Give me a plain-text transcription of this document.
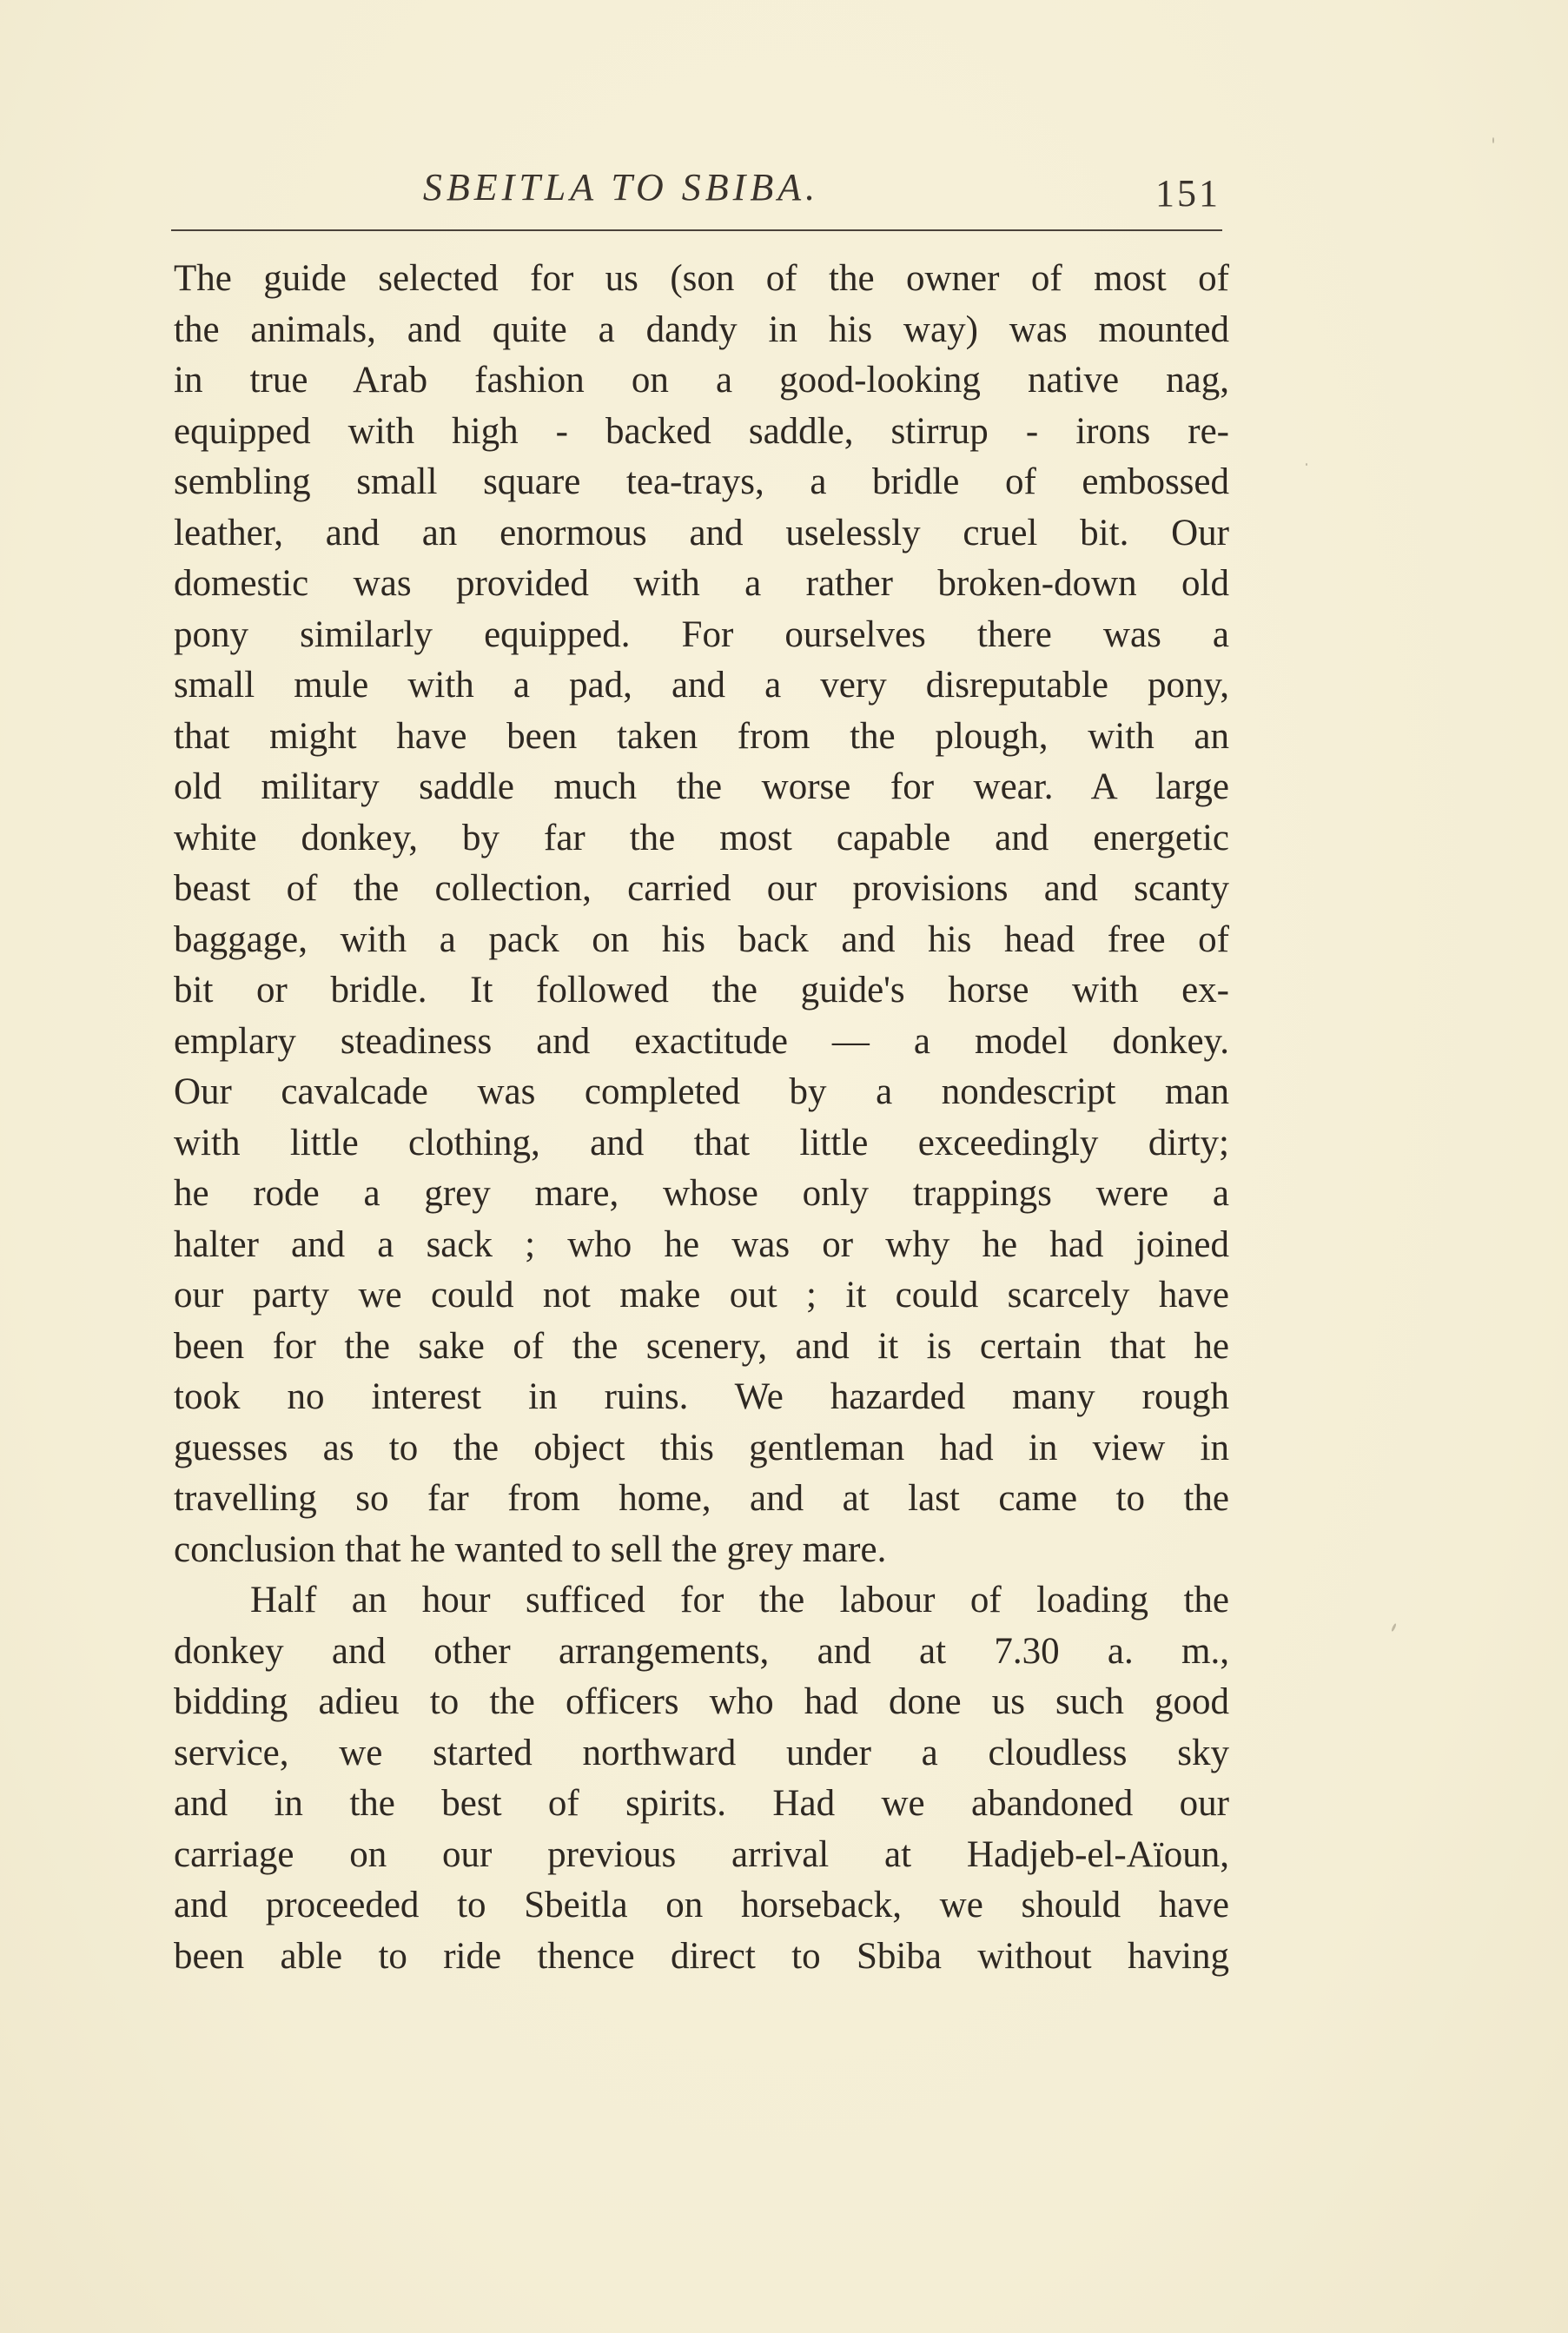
SBEITLA TO SBIBA.	151
The guide selected for us (son of the owner of most of
the animals, and quite a dandy in his way) was mounted
in true Arab fashion on a good-looking native nag,
equipped with high - backed saddle, stirrup - irons re-
sembling small square tea-trays, a bridle of embossed
leather, and an enormous and uselessly cruel bit. Our
domestic was provided with a rather broken-down old
pony similarly equipped. For ourselves there was a
small mule with a pad, and a very disreputable pony,
that might have been taken from the plough, with an
old military saddle much the worse for wear. A large
white donkey, by far the most capable and energetic
beast of the collection, carried our provisions and scanty
baggage, with a pack on his back and his head free of
bit or bridle. It followed the guide's horse with ex-
emplary steadiness and exactitude — a model donkey.
Our cavalcade was completed by a nondescript man
with little clothing, and that little exceedingly dirty;
he rode a grey mare, whose only trappings were a
halter and a sack ; who he was or why he had joined
our party we could not make out ; it could scarcely have
been for the sake of the scenery, and it is certain that he
took no interest in ruins. We hazarded many rough
guesses as to the object this gentleman had in view in
travelling so far from home, and at last came to the
conclusion that he wanted to sell the grey mare.
Half an hour sufficed for the labour of loading the
donkey and other arrangements, and at 7.30 a. m.,
bidding adieu to the officers who had done us such good
service, we started northward under a cloudless sky
and in the best of spirits. Had we abandoned our
carriage on our previous arrival at Hadjeb-el-Aïoun,
and proceeded to Sbeitla on horseback, we should have
been able to ride thence direct to Sbiba without having
